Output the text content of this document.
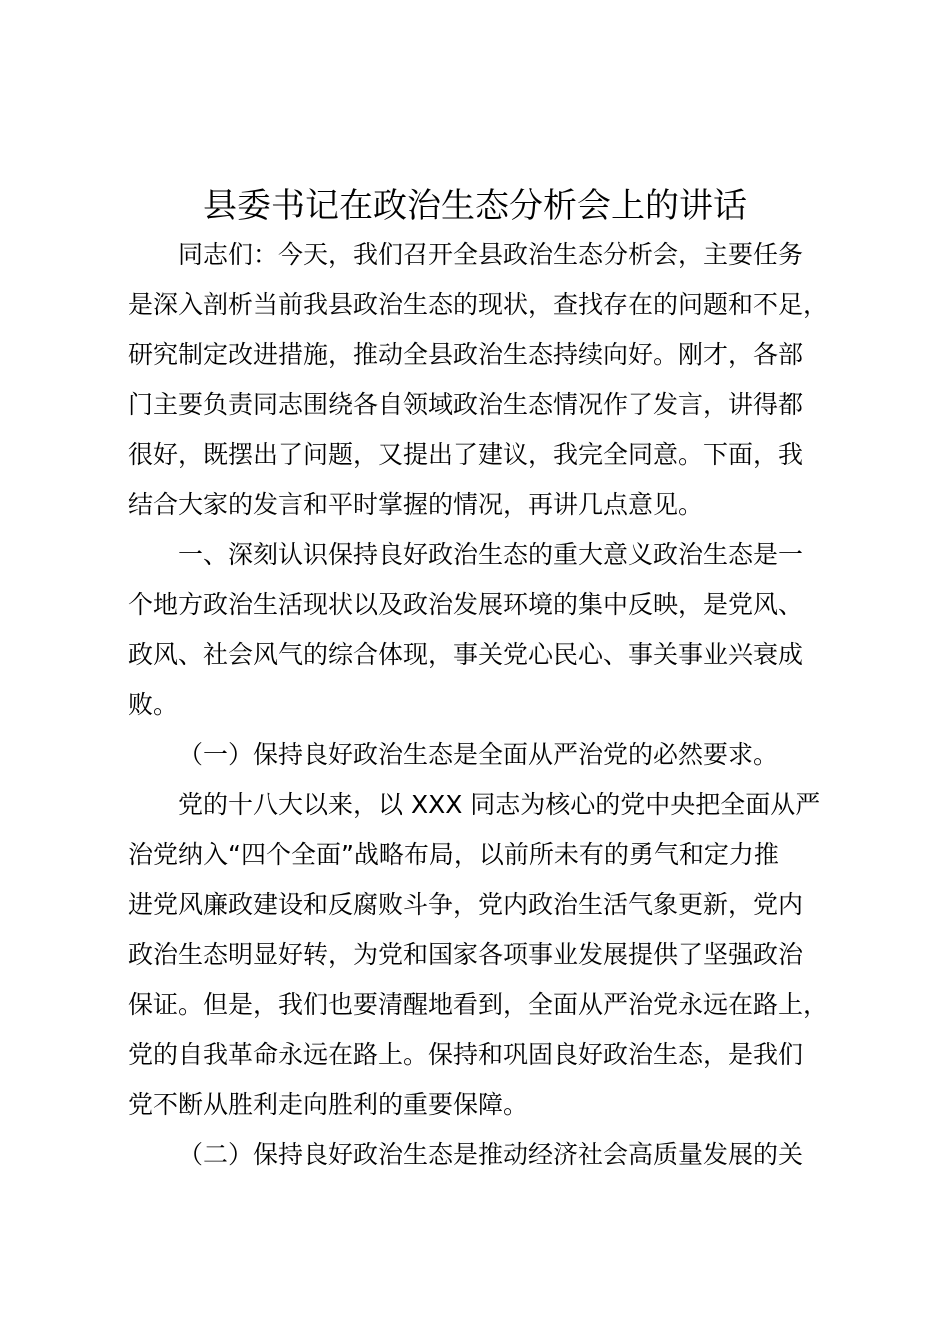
县委书记在政治生态分析会上的讲话
同志们：今天，我们召开全县政治生态分析会，主要任务
是深入剖析当前我县政治生态的现状，查找存在的问题和不足，
研究制定改进措施，推动全县政治生态持续向好。刚才，各部
门主要负责同志围绕各自领域政治生态情况作了发言，讲得都
很好，既摆出了问题，又提出了建议，我完全同意。下面，我
结合大家的发言和平时掌握的情况，再讲几点意见。
一、深刻认识保持良好政治生态的重大意义政治生态是一
个地方政治生活现状以及政治发展环境的集中反映，是党风、
政风、社会风气的综合体现，事关党心民心、事关事业兴衰成
败。
（一）保持良好政治生态是全面从严治党的必然要求。
党的十八大以来，以 XXX 同志为核心的党中央把全面从严
治党纳入“四个全面”战略布局，以前所未有的勇气和定力推
进党风廉政建设和反腐败斗争，党内政治生活气象更新，党内
政治生态明显好转，为党和国家各项事业发展提供了坚强政治
保证。但是，我们也要清醒地看到，全面从严治党永远在路上，
党的自我革命永远在路上。保持和巩固良好政治生态，是我们
党不断从胜利走向胜利的重要保障。
（二）保持良好政治生态是推动经济社会高质量发展的关
